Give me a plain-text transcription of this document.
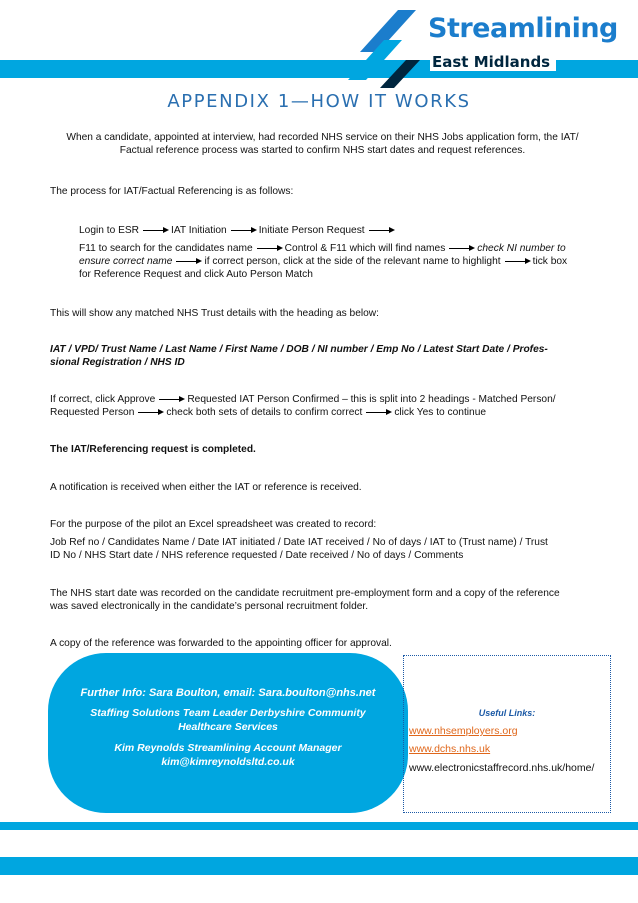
Streamlining
East Midlands
APPENDIX 1—HOW IT WORKS
When a candidate, appointed at interview, had recorded NHS service on their NHS Jobs application form, the IAT/ Factual reference process was started to confirm NHS start dates and request references.
The process for IAT/Factual Referencing is as follows:
Login to ESR	IAT Initiation	Initiate Person Request
F11 to search for the candidates name	Control & F11 which will find names	check NI number to
ensure correct name	if correct person, click at the side of the relevant name to highlight	tick box
for Reference Request and click Auto Person Match
This will show any matched NHS Trust details with the heading as below:
IAT / VPD/ Trust Name / Last Name / First Name / DOB / NI number / Emp No / Latest Start Date / Profes-
sional Registration / NHS ID
If correct, click Approve	Requested IAT Person Confirmed – this is split into 2 headings - Matched Person/
Requested Person	check both sets of details to confirm correct	click Yes to continue
The IAT/Referencing request is completed.
A notification is received when either the IAT or reference is received.
For the purpose of the pilot an Excel spreadsheet was created to record:
Job Ref no / Candidates Name / Date IAT initiated / Date IAT received / No of days / IAT to (Trust name) / Trust
ID No / NHS Start date / NHS reference requested / Date received / No of days / Comments
The NHS start date was recorded on the candidate recruitment pre-employment form and a copy of the reference
was saved electronically in the candidate’s personal recruitment folder.
A copy of the reference was forwarded to the appointing officer for approval.
Further Info: Sara Boulton, email: Sara.boulton@nhs.net
Staffing Solutions Team Leader Derbyshire Community
Healthcare Services
Kim Reynolds Streamlining Account Manager
kim@kimreynoldsltd.co.uk
Useful Links:
www.nhsemployers.org
www.dchs.nhs.uk
www.electronicstaffrecord.nhs.uk/home/
